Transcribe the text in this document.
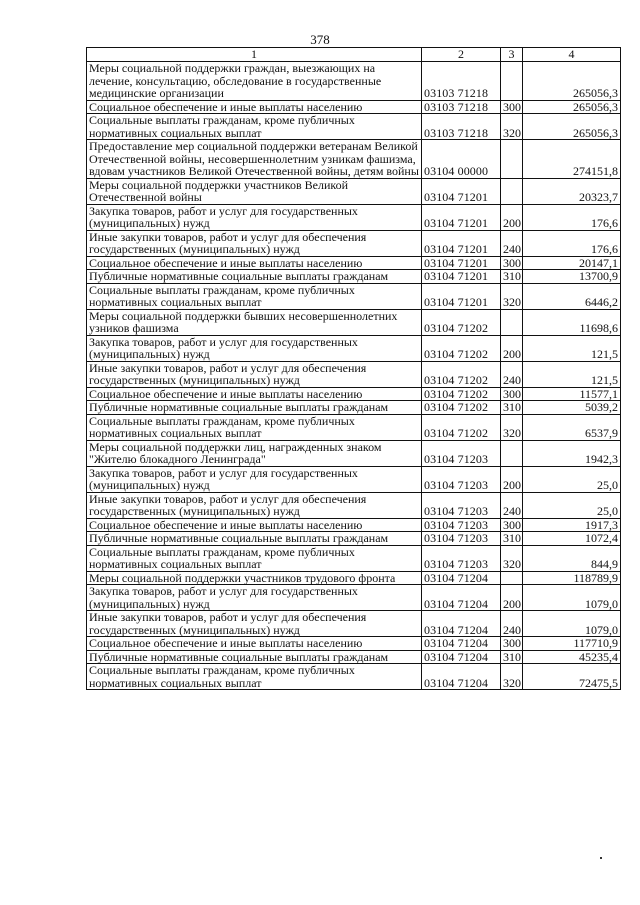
378
1	2	3	4
Меры социальной поддержки граждан, выезжающих на лечение, консультацию, обследование в государственные медицинские организации	03103 71218		265056,3
Социальное обеспечение и иные выплаты населению	03103 71218	300	265056,3
Социальные выплаты гражданам, кроме публичных нормативных социальных выплат	03103 71218	320	265056,3
Предоставление мер социальной поддержки ветеранам Великой Отечественной войны, несовершеннолетним узникам фашизма, вдовам участников Великой Отечественной войны, детям войны	03104 00000		274151,8
Меры социальной поддержки участников Великой Отечественной войны	03104 71201		20323,7
Закупка товаров, работ и услуг для государственных (муниципальных) нужд	03104 71201	200	176,6
Иные закупки товаров, работ и услуг для обеспечения государственных (муниципальных) нужд	03104 71201	240	176,6
Социальное обеспечение и иные выплаты населению	03104 71201	300	20147,1
Публичные нормативные социальные выплаты гражданам	03104 71201	310	13700,9
Социальные выплаты гражданам, кроме публичных нормативных социальных выплат	03104 71201	320	6446,2
Меры социальной поддержки бывших несовершеннолетних узников фашизма	03104 71202		11698,6
Закупка товаров, работ и услуг для государственных (муниципальных) нужд	03104 71202	200	121,5
Иные закупки товаров, работ и услуг для обеспечения государственных (муниципальных) нужд	03104 71202	240	121,5
Социальное обеспечение и иные выплаты населению	03104 71202	300	11577,1
Публичные нормативные социальные выплаты гражданам	03104 71202	310	5039,2
Социальные выплаты гражданам, кроме публичных нормативных социальных выплат	03104 71202	320	6537,9
Меры социальной поддержки лиц, награжденных знаком "Жителю блокадного Ленинграда"	03104 71203		1942,3
Закупка товаров, работ и услуг для государственных (муниципальных) нужд	03104 71203	200	25,0
Иные закупки товаров, работ и услуг для обеспечения государственных (муниципальных) нужд	03104 71203	240	25,0
Социальное обеспечение и иные выплаты населению	03104 71203	300	1917,3
Публичные нормативные социальные выплаты гражданам	03104 71203	310	1072,4
Социальные выплаты гражданам, кроме публичных нормативных социальных выплат	03104 71203	320	844,9
Меры социальной поддержки участников трудового фронта	03104 71204		118789,9
Закупка товаров, работ и услуг для государственных (муниципальных) нужд	03104 71204	200	1079,0
Иные закупки товаров, работ и услуг для обеспечения государственных (муниципальных) нужд	03104 71204	240	1079,0
Социальное обеспечение и иные выплаты населению	03104 71204	300	117710,9
Публичные нормативные социальные выплаты гражданам	03104 71204	310	45235,4
Социальные выплаты гражданам, кроме публичных нормативных социальных выплат	03104 71204	320	72475,5
